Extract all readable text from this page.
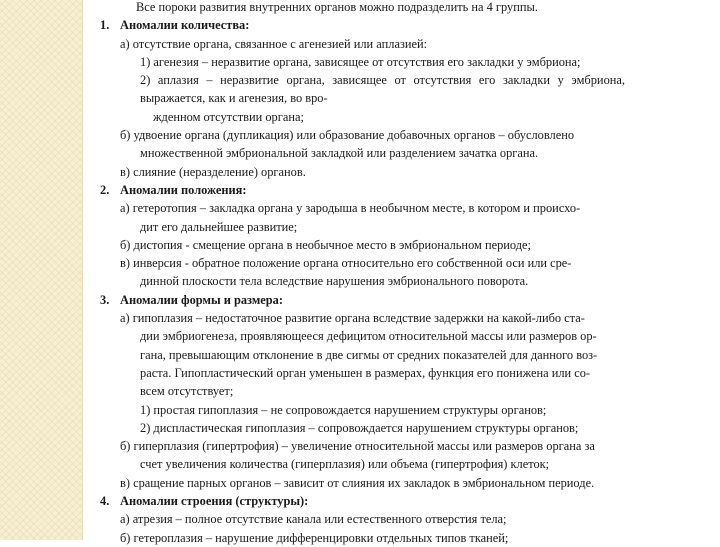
Все пороки развития внутренних органов можно подразделить на 4 группы.

1. Аномалии количества:

а) отсутствие органа, связанное с агенезией или аплазией:

1) агенезия – неразвитие органа, зависящее от отсутствия его закладки у эмбриона;

2) аплазия – неразвитие органа, зависящее от отсутствия его закладки у эмбриона, выражается, как и агенезия, во вро-

жденном отсутствии органа;

б) удвоение органа (дупликация) или образование добавочных органов – обусловлено

множественной эмбриональной закладкой или разделением зачатка органа.

в) слияние (неразделение) органов.

2. Аномалии положения:

а) гетеротопия – закладка органа у зародыша в необычном месте, в котором и происхо-

дит его дальнейшее развитие;

б) дистопия - смещение органа в необычное место в эмбриональном периоде;

в) инверсия - обратное положение органа относительно его собственной оси или сре-

динной плоскости тела вследствие нарушения эмбрионального поворота.

3. Аномалии формы и размера:

а) гипоплазия – недостаточное развитие органа вследствие задержки на какой-либо ста-

дии эмбриогенеза, проявляющееся дефицитом относительной массы или размеров ор-

гана, превышающим отклонение в две сигмы от средних показателей для данного воз-

раста. Гипопластический орган уменьшен в размерах, функция его понижена или со-

всем отсутствует;

1) простая гипоплазия – не сопровождается нарушением структуры органов;

2) диспластическая гипоплазия – сопровождается нарушением структуры органов;

б) гиперплазия (гипертрофия) – увеличение относительной массы или размеров органа за

счет увеличения количества (гиперплазия) или объема (гипертрофия) клеток;

в) сращение парных органов – зависит от слияния их закладок в эмбриональном периоде.

4. Аномалии строения (структуры):

а) атрезия – полное отсутствие канала или естественного отверстия тела;

б) гетероплазия – нарушение дифференцировки отдельных типов тканей;
